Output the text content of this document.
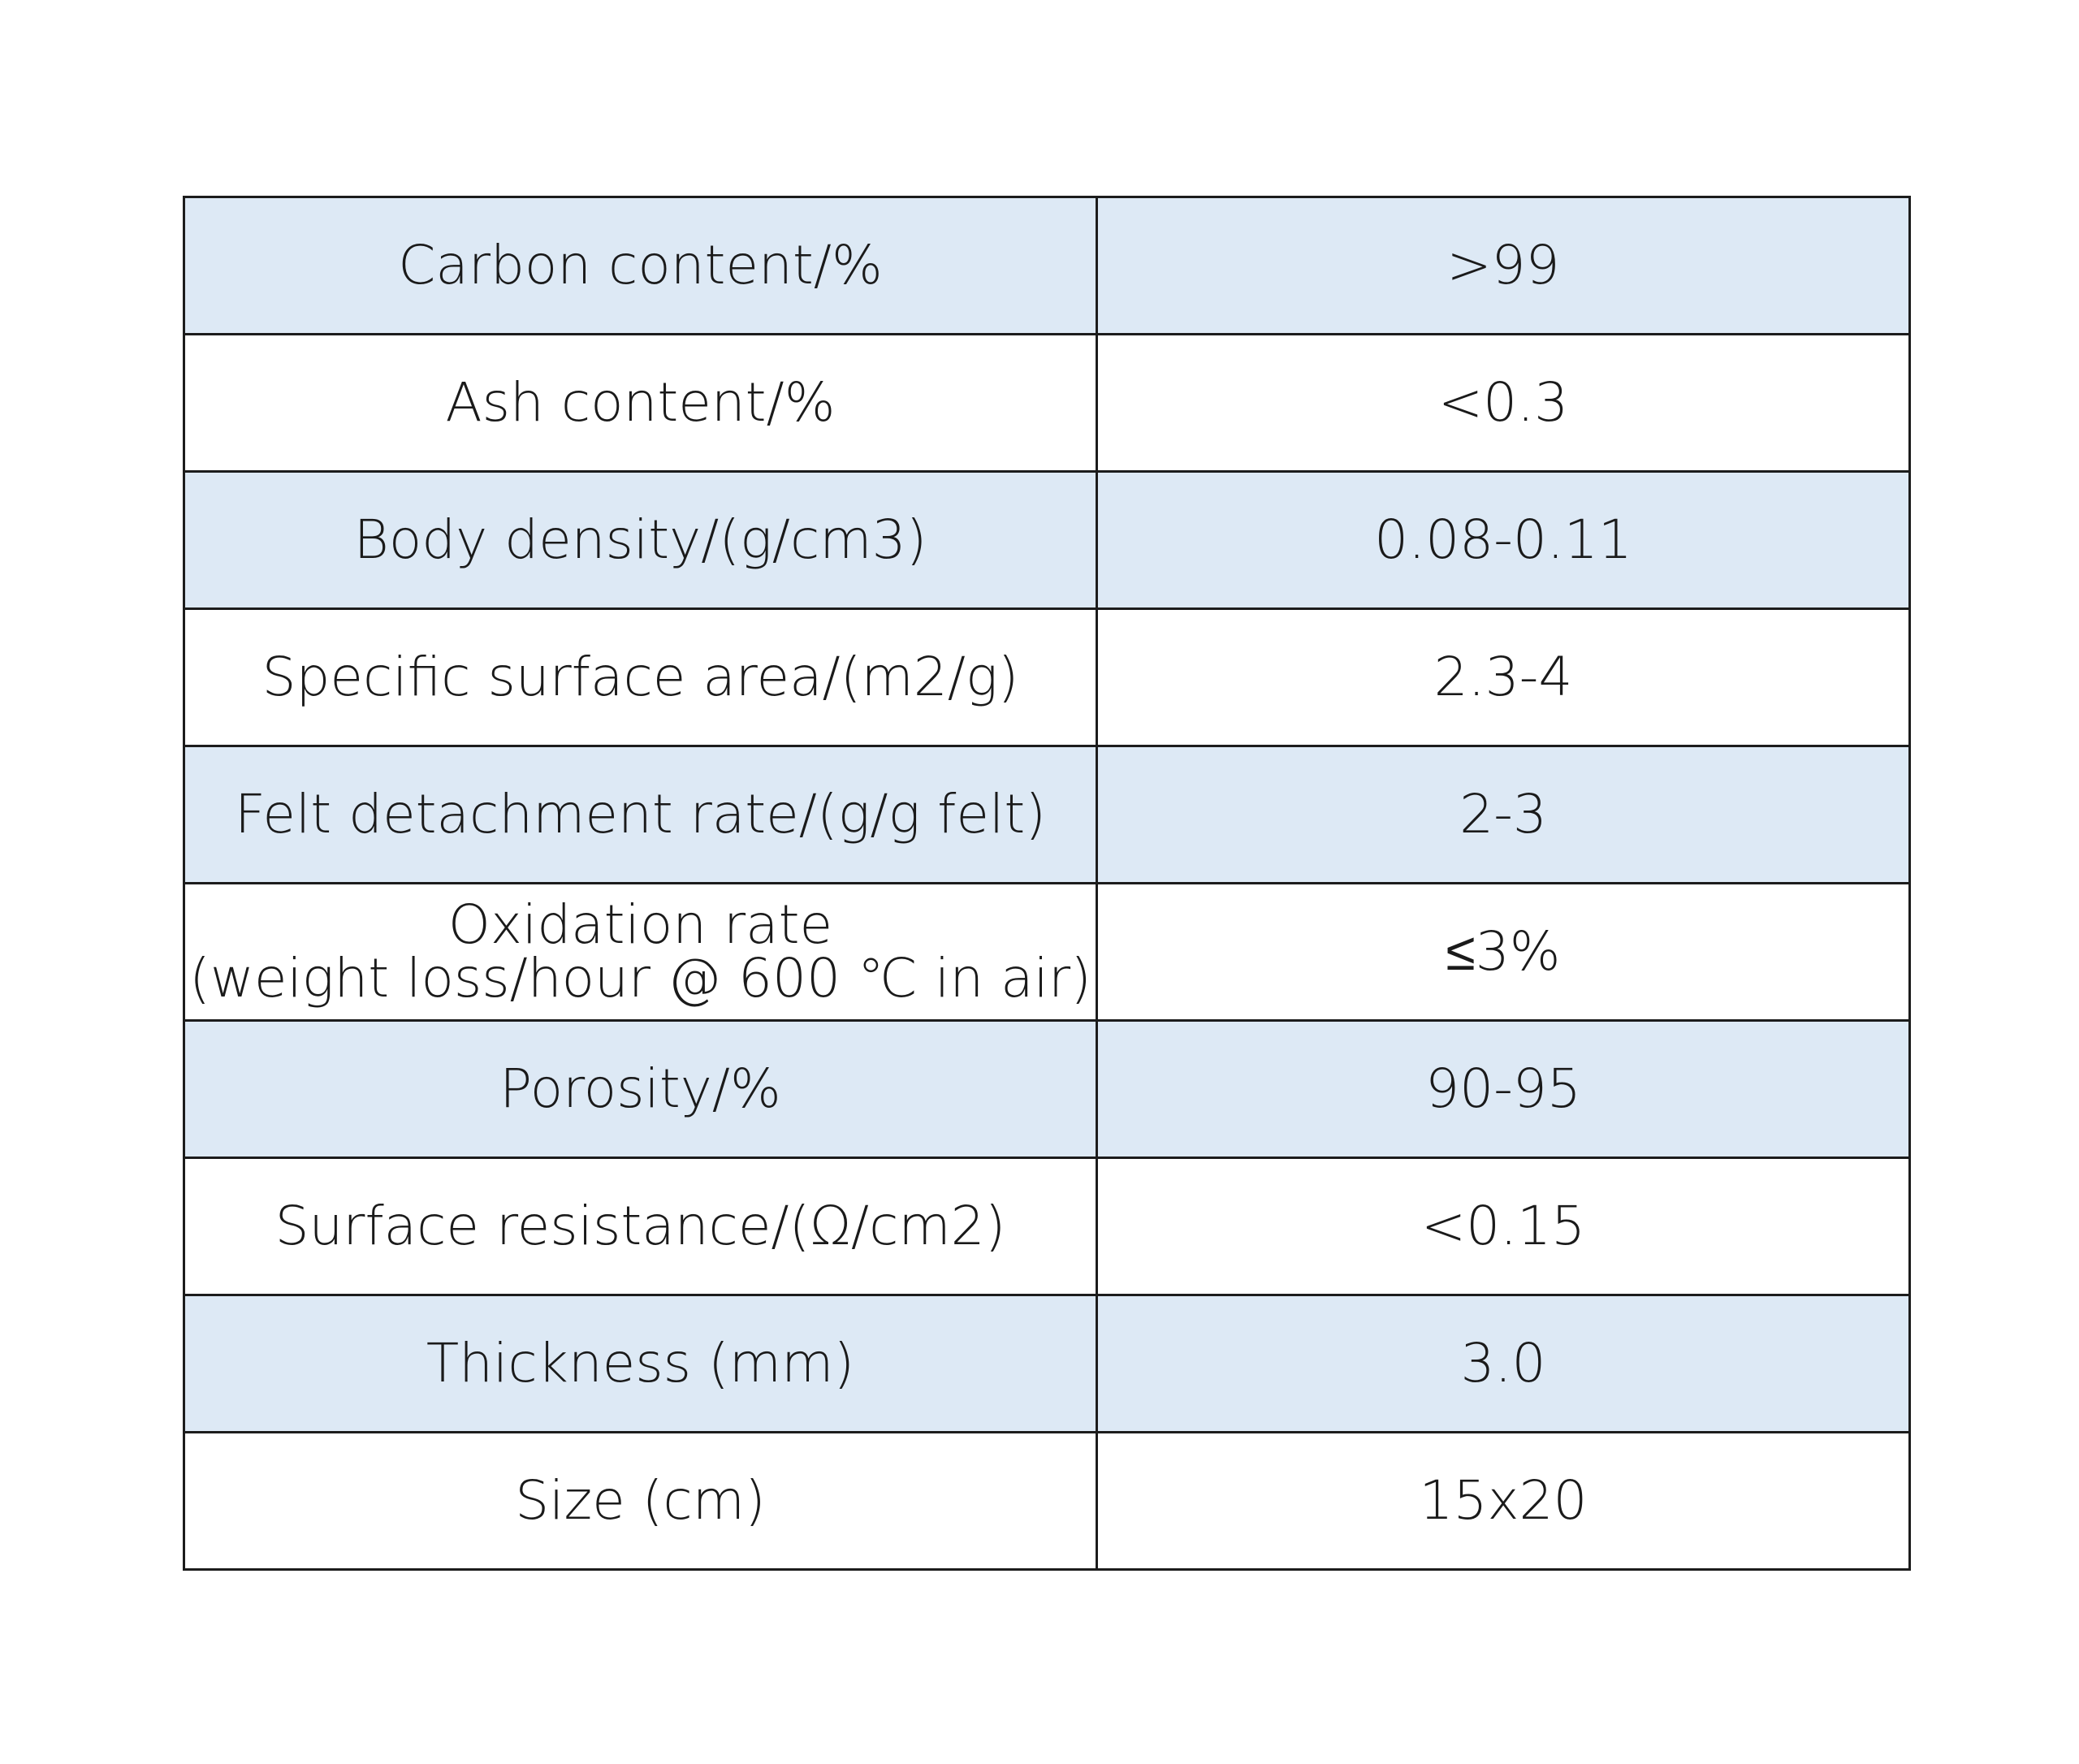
Carbon content/%	>99
Ash content/%	<0.3
Body density/(g/cm3)	0.08-0.11
Specific surface area/(m2/g)	2.3-4
Felt detachment rate/(g/g felt)	2-3

Oxidation rate
(weight loss/hour @ 600 ℃ in air)	≤3%
Porosity/%	90-95
Surface resistance/(Ω/cm2)	<0.15
Thickness (mm)	3.0
Size (cm)	15x20
